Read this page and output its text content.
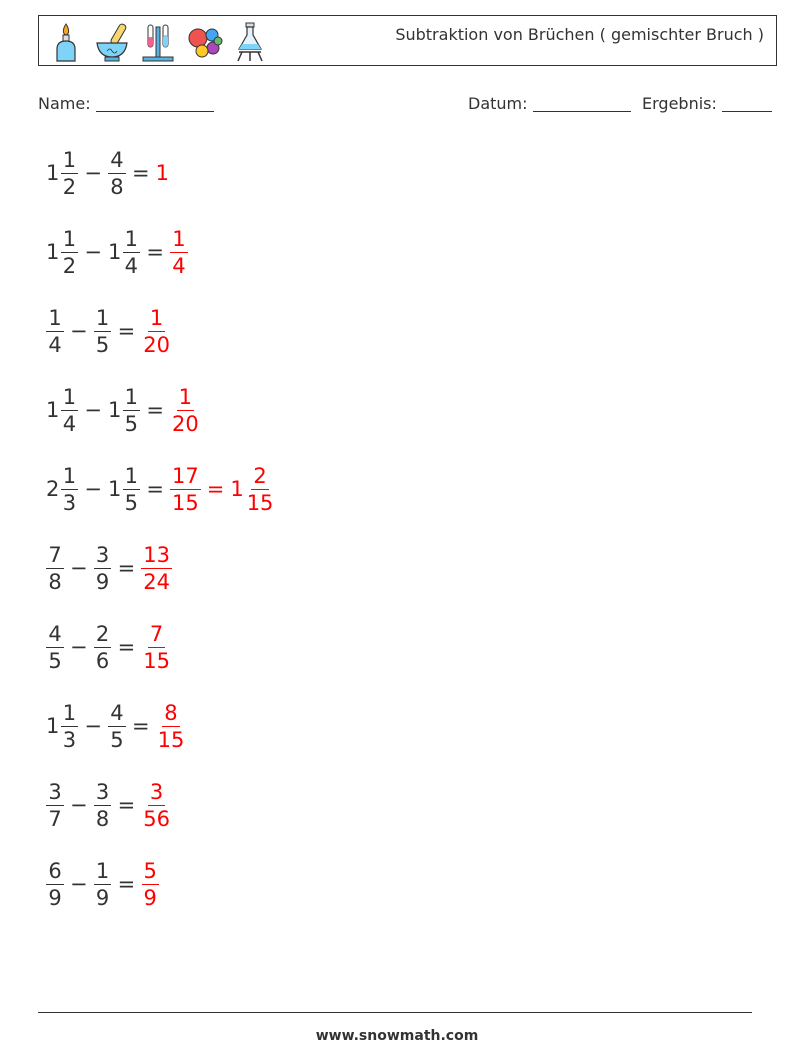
Subtraktion von Brüchen ( gemischter Bruch )
Name:	Datum:	Ergebnis:
$1 \frac{1}{2} - \frac{4}{8} = 1$
$1 \frac{1}{2} - 1 \frac{1}{4} = \frac{1}{4}$
$\frac{1}{4} - \frac{1}{5} = \frac{1}{20}$
$1 \frac{1}{4} - 1 \frac{1}{5} = \frac{1}{20}$
$2 \frac{1}{3} - 1 \frac{1}{5} = \frac{17}{15} = 1 \frac{2}{15}$
$\frac{7}{8} - \frac{3}{9} = \frac{13}{24}$
$\frac{4}{5} - \frac{2}{6} = \frac{7}{15}$
$1 \frac{1}{3} - \frac{4}{5} = \frac{8}{15}$
$\frac{3}{7} - \frac{3}{8} = \frac{3}{56}$
$\frac{6}{9} - \frac{1}{9} = \frac{5}{9}$
www.snowmath.com
